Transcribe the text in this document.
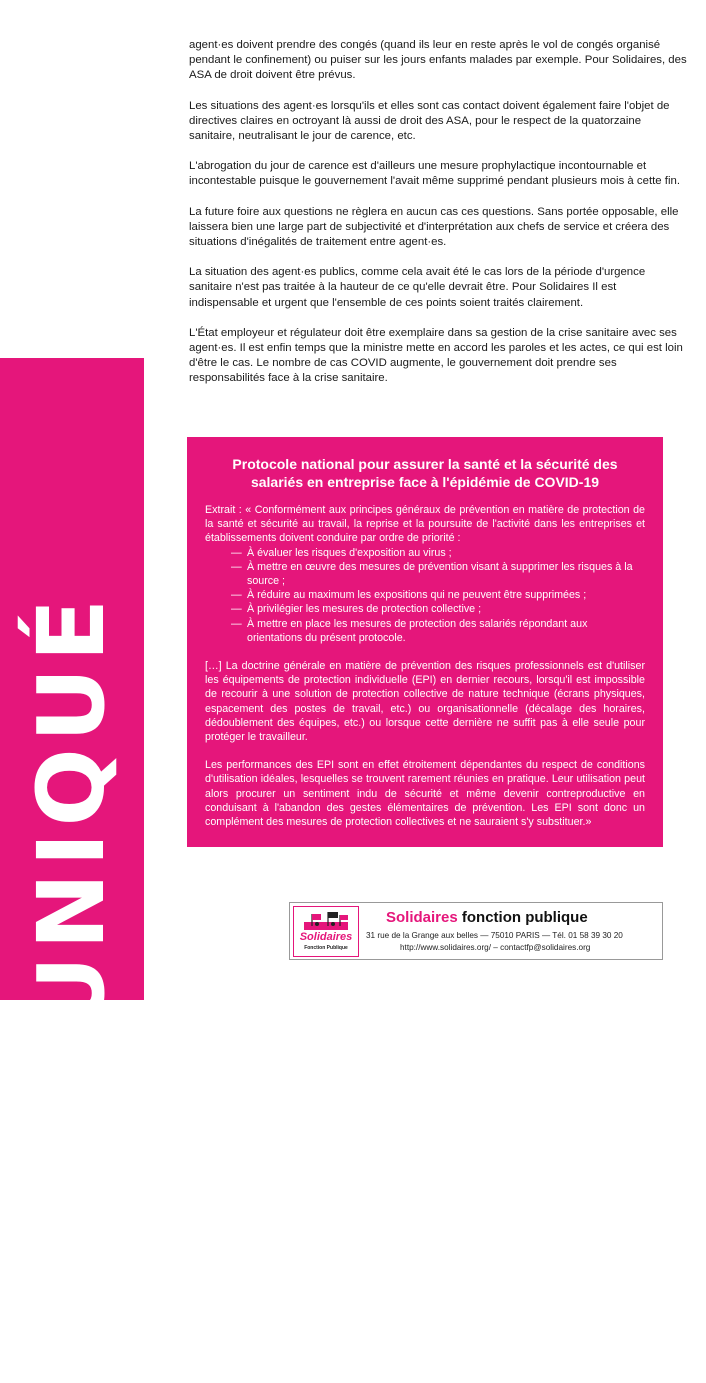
COMMUNIQUÉ

agent·es doivent prendre des congés (quand ils leur en reste après le vol de congés organisé pendant le confinement) ou puiser sur les jours enfants malades par exemple. Pour Solidaires, des ASA de droit doivent être prévus.

Les situations des agent·es lorsqu'ils et elles sont cas contact doivent également faire l'objet de directives claires en octroyant là aussi de droit des ASA, pour le respect de la quatorzaine sanitaire, neutralisant le jour de carence, etc.

L'abrogation du jour de carence est d'ailleurs une mesure prophylactique incontournable et incontestable puisque le gouvernement l'avait même supprimé pendant plusieurs mois à cette fin.

La future foire aux questions ne règlera en aucun cas ces questions. Sans portée opposable, elle laissera bien une large part de subjectivité et d'interprétation aux chefs de service et créera des situations d'inégalités de traitement entre agent·es.

La situation des agent·es publics, comme cela avait été le cas lors de la période d'urgence sanitaire n'est pas traitée à la hauteur de ce qu'elle devrait être. Pour Solidaires Il est indispensable et urgent que l'ensemble de ces points soient traités clairement.

L'État employeur et régulateur doit être exemplaire dans sa gestion de la crise sanitaire avec ses agent·es. Il est enfin temps que la ministre mette en accord les paroles et les actes, ce qui est loin d'être le cas. Le nombre de cas COVID augmente, le gouvernement doit prendre ses responsabilités face à la crise sanitaire.

Protocole national pour assurer la santé et la sécurité des salariés en entreprise face à l'épidémie de COVID-19

Extrait : « Conformément aux principes généraux de prévention en matière de protection de la santé et sécurité au travail, la reprise et la poursuite de l'activité dans les entreprises et établissements doivent conduire par ordre de priorité :

— À évaluer les risques d'exposition au virus ;
— À mettre en œuvre des mesures de prévention visant à supprimer les risques à la source ;
— À réduire au maximum les expositions qui ne peuvent être supprimées ;
— À privilégier les mesures de protection collective ;
— À mettre en place les mesures de protection des salariés répondant aux orientations du présent protocole.

[…] La doctrine générale en matière de prévention des risques professionnels est d'utiliser les équipements de protection individuelle (EPI) en dernier recours, lorsqu'il est impossible de recourir à une solution de protection collective de nature technique (écrans physiques, espacement des postes de travail, etc.) ou organisationnelle (décalage des horaires, dédoublement des équipes, etc.) ou lorsque cette dernière ne suffit pas à elle seule pour protéger le travailleur.

Les performances des EPI sont en effet étroitement dépendantes du respect de conditions d'utilisation idéales, lesquelles se trouvent rarement réunies en pratique. Leur utilisation peut alors procurer un sentiment indu de sécurité et même devenir contreproductive en conduisant à l'abandon des gestes élémentaires de prévention. Les EPI sont donc un complément des mesures de protection collectives et ne sauraient s'y substituer.»

Solidaires
Fonction Publique
Solidaires fonction publique
31 rue de la Grange aux belles — 75010 PARIS — Tél. 01 58 39 30 20
http://www.solidaires.org/ – contactfp@solidaires.org
